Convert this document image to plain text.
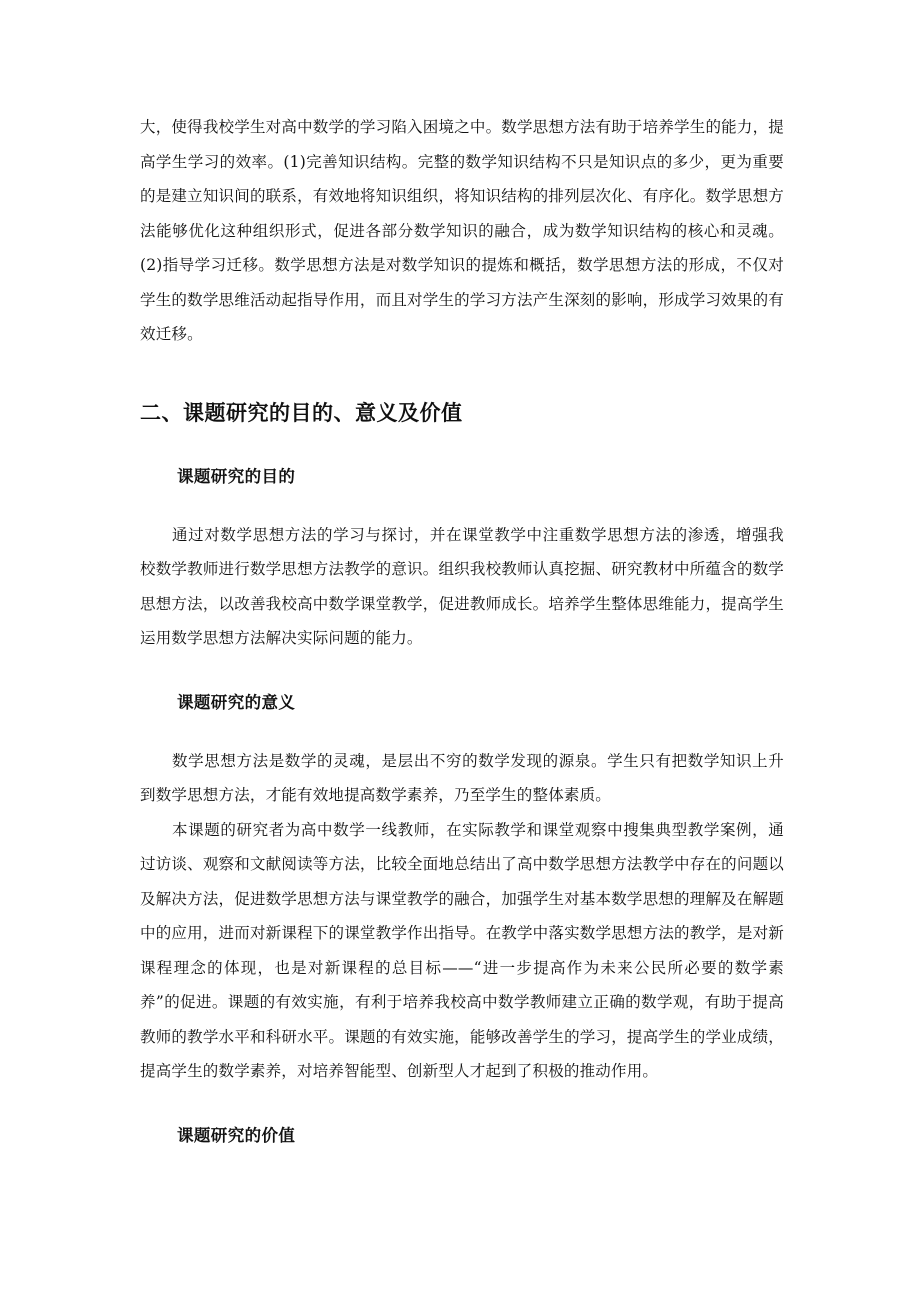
大，使得我校学生对高中数学的学习陷入困境之中。数学思想方法有助于培养学生的能力，提高学生学习的效率。(1)完善知识结构。完整的数学知识结构不只是知识点的多少，更为重要的是建立知识间的联系，有效地将知识组织，将知识结构的排列层次化、有序化。数学思想方法能够优化这种组织形式，促进各部分数学知识的融合，成为数学知识结构的核心和灵魂。(2)指导学习迁移。数学思想方法是对数学知识的提炼和概括，数学思想方法的形成，不仅对学生的数学思维活动起指导作用，而且对学生的学习方法产生深刻的影响，形成学习效果的有效迁移。

二、课题研究的目的、意义及价值
课题研究的目的

通过对数学思想方法的学习与探讨，并在课堂教学中注重数学思想方法的渗透，增强我校数学教师进行数学思想方法教学的意识。组织我校教师认真挖掘、研究教材中所蕴含的数学思想方法，以改善我校高中数学课堂教学，促进教师成长。培养学生整体思维能力，提高学生运用数学思想方法解决实际问题的能力。

课题研究的意义

数学思想方法是数学的灵魂，是层出不穷的数学发现的源泉。学生只有把数学知识上升到数学思想方法，才能有效地提高数学素养，乃至学生的整体素质。

本课题的研究者为高中数学一线教师，在实际教学和课堂观察中搜集典型教学案例，通过访谈、观察和文献阅读等方法，比较全面地总结出了高中数学思想方法教学中存在的问题以及解决方法，促进数学思想方法与课堂教学的融合，加强学生对基本数学思想的理解及在解题中的应用，进而对新课程下的课堂教学作出指导。在教学中落实数学思想方法的教学，是对新课程理念的体现，也是对新课程的总目标——“进一步提高作为未来公民所必要的数学素养”的促进。课题的有效实施，有利于培养我校高中数学教师建立正确的数学观，有助于提高教师的教学水平和科研水平。课题的有效实施，能够改善学生的学习，提高学生的学业成绩，提高学生的数学素养，对培养智能型、创新型人才起到了积极的推动作用。

课题研究的价值
